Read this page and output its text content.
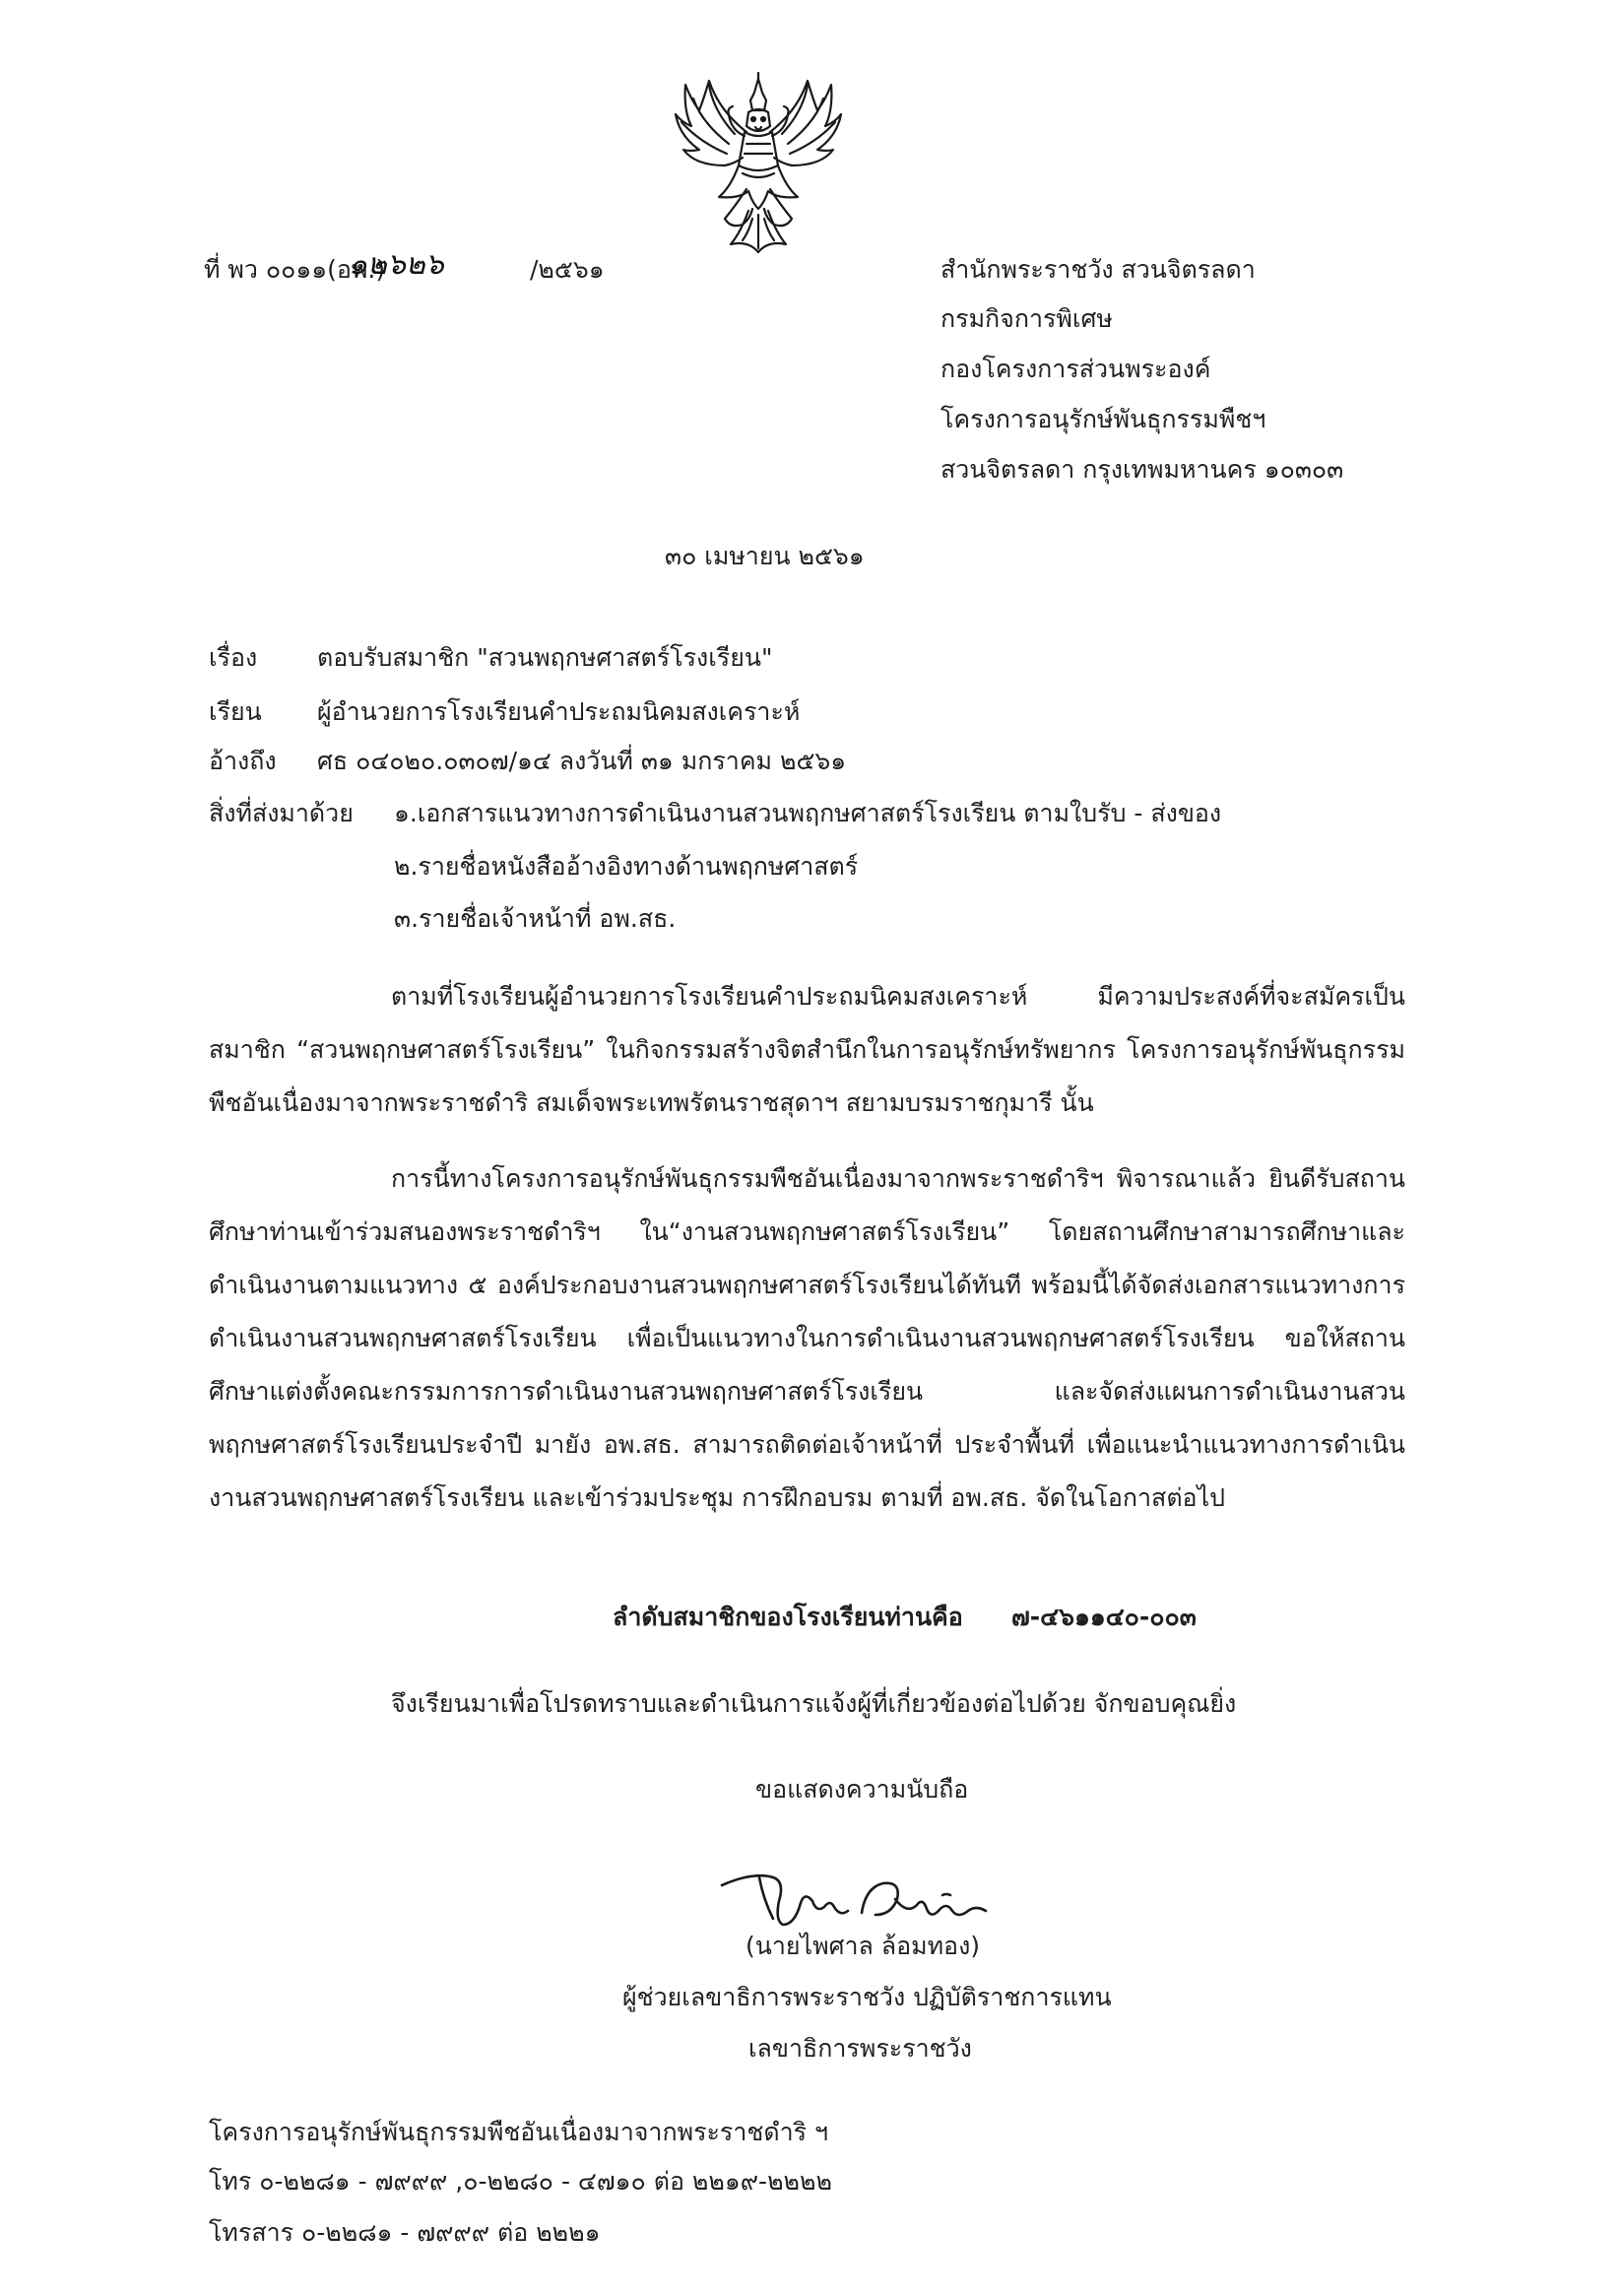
ที่ พว ๐๐๑๑(อพ.)
๑๒๖๒๖	/๒๕๖๑	สำนักพระราชวัง สวนจิตรลดา
กรมกิจการพิเศษ
กองโครงการส่วนพระองค์
โครงการอนุรักษ์พันธุกรรมพืชฯ
สวนจิตรลดา กรุงเทพมหานคร ๑๐๓๐๓
๓๐ เมษายน ๒๕๖๑
เรื่อง ตอบรับสมาชิก "สวนพฤกษศาสตร์โรงเรียน"
เรียน ผู้อำนวยการโรงเรียนคำประถมนิคมสงเคราะห์
อ้างถึง ศธ ๐๔๐๒๐.๐๓๐๗/๑๔ ลงวันที่ ๓๑ มกราคม ๒๕๖๑
สิ่งที่ส่งมาด้วย ๑.เอกสารแนวทางการดำเนินงานสวนพฤกษศาสตร์โรงเรียน ตามใบรับ - ส่งของ
๒.รายชื่อหนังสืออ้างอิงทางด้านพฤกษศาสตร์
๓.รายชื่อเจ้าหน้าที่ อพ.สธ.
ตามที่โรงเรียนผู้อำนวยการโรงเรียนคำประถมนิคมสงเคราะห์ มีความประสงค์ที่จะสมัครเป็นสมาชิก “สวนพฤกษศาสตร์โรงเรียน” ในกิจกรรมสร้างจิตสำนึกในการอนุรักษ์ทรัพยากร โครงการอนุรักษ์พันธุกรรมพืชอันเนื่องมาจากพระราชดำริ สมเด็จพระเทพรัตนราชสุดาฯ สยามบรมราชกุมารี นั้น
การนี้ทางโครงการอนุรักษ์พันธุกรรมพืชอันเนื่องมาจากพระราชดำริฯ พิจารณาแล้ว ยินดีรับสถานศึกษาท่านเข้าร่วมสนองพระราชดำริฯ ใน“งานสวนพฤกษศาสตร์โรงเรียน” โดยสถานศึกษาสามารถศึกษาและดำเนินงานตามแนวทาง ๕ องค์ประกอบงานสวนพฤกษศาสตร์โรงเรียนได้ทันที พร้อมนี้ได้จัดส่งเอกสารแนวทางการดำเนินงานสวนพฤกษศาสตร์โรงเรียน เพื่อเป็นแนวทางในการดำเนินงานสวนพฤกษศาสตร์โรงเรียน ขอให้สถานศึกษาแต่งตั้งคณะกรรมการการดำเนินงานสวนพฤกษศาสตร์โรงเรียน และจัดส่งแผนการดำเนินงานสวนพฤกษศาสตร์โรงเรียนประจำปี มายัง อพ.สธ. สามารถติดต่อเจ้าหน้าที่ ประจำพื้นที่ เพื่อแนะนำแนวทางการดำเนินงานสวนพฤกษศาสตร์โรงเรียน และเข้าร่วมประชุม การฝึกอบรม ตามที่ อพ.สธ. จัดในโอกาสต่อไป
ลำดับสมาชิกของโรงเรียนท่านคือ ๗-๔๖๑๑๔๐-๐๐๓
จึงเรียนมาเพื่อโปรดทราบและดำเนินการแจ้งผู้ที่เกี่ยวข้องต่อไปด้วย จักขอบคุณยิ่ง
ขอแสดงความนับถือ
(นายไพศาล ล้อมทอง)
ผู้ช่วยเลขาธิการพระราชวัง ปฏิบัติราชการแทน
เลขาธิการพระราชวัง
โครงการอนุรักษ์พันธุกรรมพืชอันเนื่องมาจากพระราชดำริ ฯ
โทร ๐-๒๒๘๑ - ๗๙๙๙ ,๐-๒๒๘๐ - ๔๗๑๐ ต่อ ๒๒๑๙-๒๒๒๒
โทรสาร ๐-๒๒๘๑ - ๗๙๙๙ ต่อ ๒๒๒๑
